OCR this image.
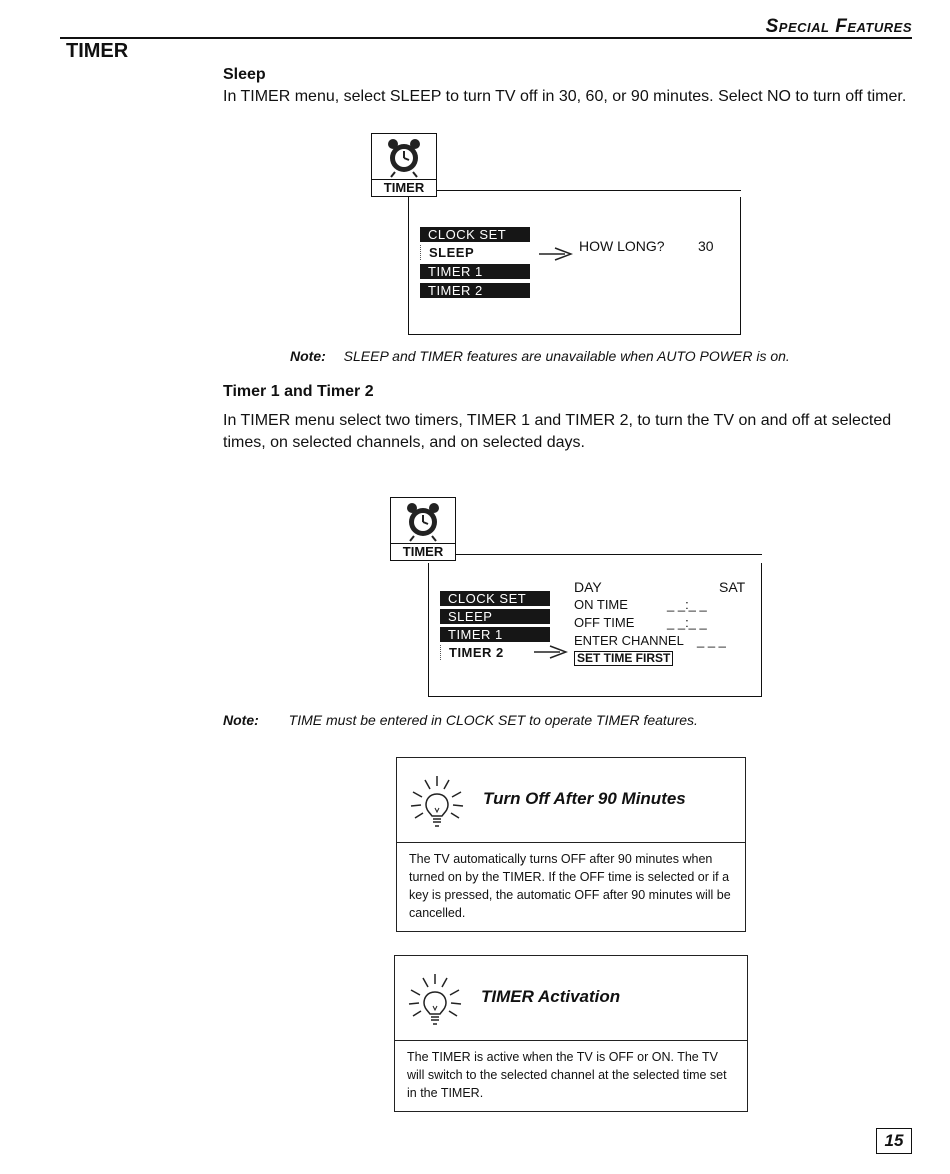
Special Features
TIMER
Sleep
In TIMER menu, select SLEEP to turn TV off in 30, 60, or 90 minutes. Select NO to turn off timer.
TIMER
CLOCK SET
SLEEP
TIMER 1
TIMER 2
HOW LONG? 30
Note: SLEEP and TIMER features are unavailable when AUTO POWER is on.
Timer 1 and Timer 2
In TIMER menu select two timers, TIMER 1 and TIMER 2, to turn the TV on and off at selected times, on selected channels, and on selected days.
TIMER
CLOCK SET
SLEEP
TIMER 1
TIMER 2
DAY	SAT
ON TIME	_ _:_ _
OFF TIME	_ _:_ _
ENTER CHANNEL _ _ _
SET TIME FIRST
Note: TIME must be entered in CLOCK SET to operate TIMER features.
Turn Off After 90 Minutes
The TV automatically turns OFF after 90 minutes when turned on by the TIMER. If the OFF time is selected or if a key is pressed, the automatic OFF after 90 minutes will be cancelled.
TIMER Activation
The TIMER is active when the TV is OFF or ON. The TV will switch to the selected channel at the selected time set in the TIMER.
15
